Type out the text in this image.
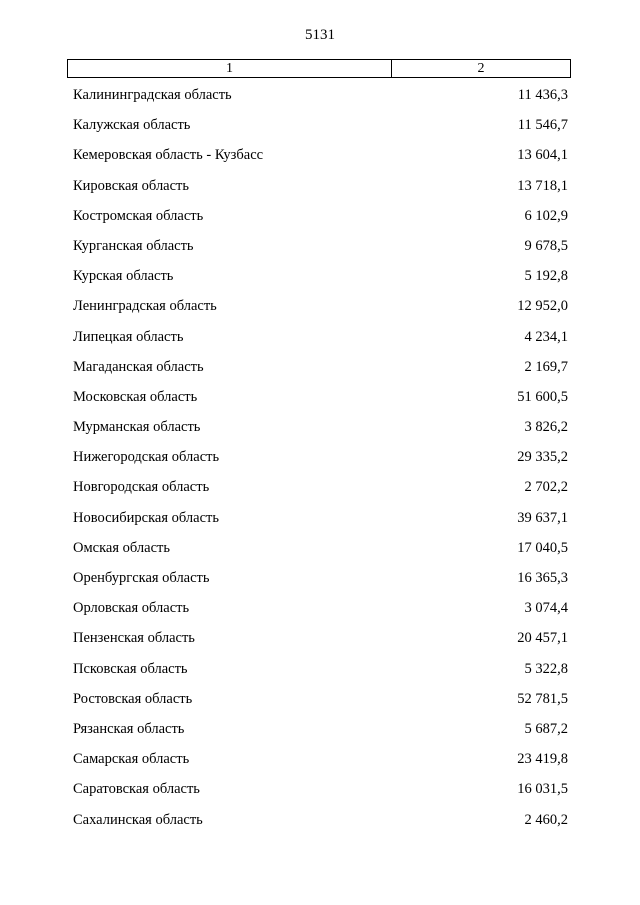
5131
1	2
Калининградская область	11 436,3
Калужская область	11 546,7
Кемеровская область - Кузбасс	13 604,1
Кировская область	13 718,1
Костромская область	6 102,9
Курганская область	9 678,5
Курская область	5 192,8
Ленинградская область	12 952,0
Липецкая область	4 234,1
Магаданская область	2 169,7
Московская область	51 600,5
Мурманская область	3 826,2
Нижегородская область	29 335,2
Новгородская область	2 702,2
Новосибирская область	39 637,1
Омская область	17 040,5
Оренбургская область	16 365,3
Орловская область	3 074,4
Пензенская область	20 457,1
Псковская область	5 322,8
Ростовская область	52 781,5
Рязанская область	5 687,2
Самарская область	23 419,8
Саратовская область	16 031,5
Сахалинская область	2 460,2
